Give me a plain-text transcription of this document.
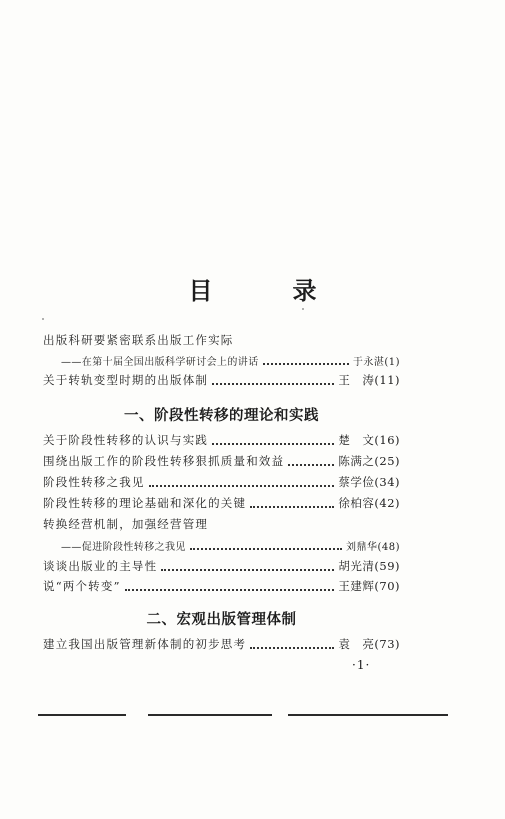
目　录
出版科研要紧密联系出版工作实际
——在第十届全国出版科学研讨会上的讲话	于永湛(1)
关于转轨变型时期的出版体制	王　涛(11)
一、阶段性转移的理论和实践
关于阶段性转移的认识与实践	楚　文(16)
围绕出版工作的阶段性转移狠抓质量和效益	陈满之(25)
阶段性转移之我见	蔡学俭(34)
阶段性转移的理论基础和深化的关键	徐柏容(42)
转换经营机制，加强经营管理
——促进阶段性转移之我见	刘鼎华(48)
谈谈出版业的主导性	胡光清(59)
说“两个转变”	王建辉(70)
二、宏观出版管理体制
建立我国出版管理新体制的初步思考	袁　亮(73)
·1·
